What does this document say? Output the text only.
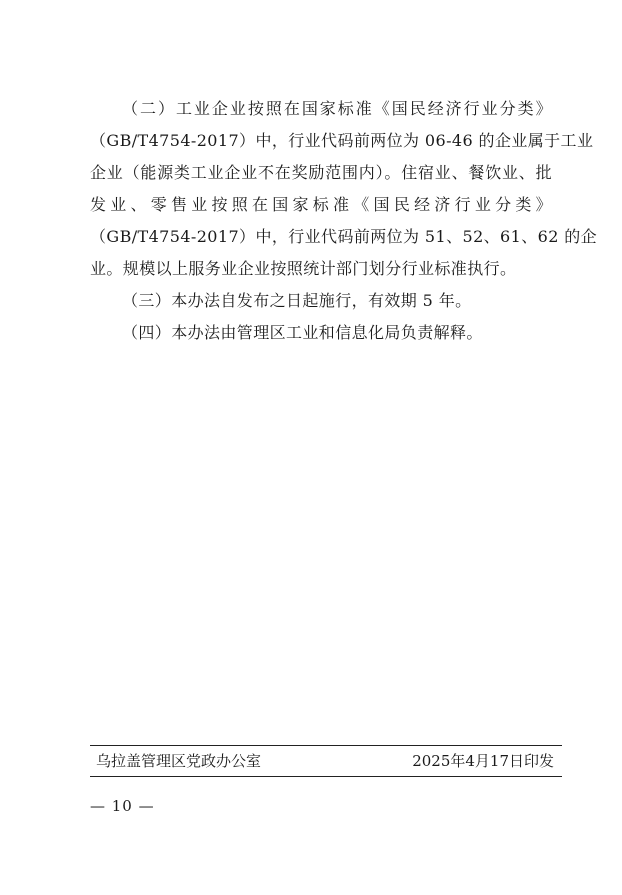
（二）工业企业按照在国家标准《国民经济行业分类》
（GB/T4754-2017）中，行业代码前两位为 06-46 的企业属于工业
企业（能源类工业企业不在奖励范围内）。住宿业、餐饮业、批
发业、零售业按照在国家标准《国民经济行业分类》
（GB/T4754-2017）中，行业代码前两位为 51、52、61、62 的企
业。规模以上服务业企业按照统计部门划分行业标准执行。

（三）本办法自发布之日起施行，有效期 5 年。

（四）本办法由管理区工业和信息化局负责解释。

乌拉盖管理区党政办公室	2025年4月17日印发
— 10 —
